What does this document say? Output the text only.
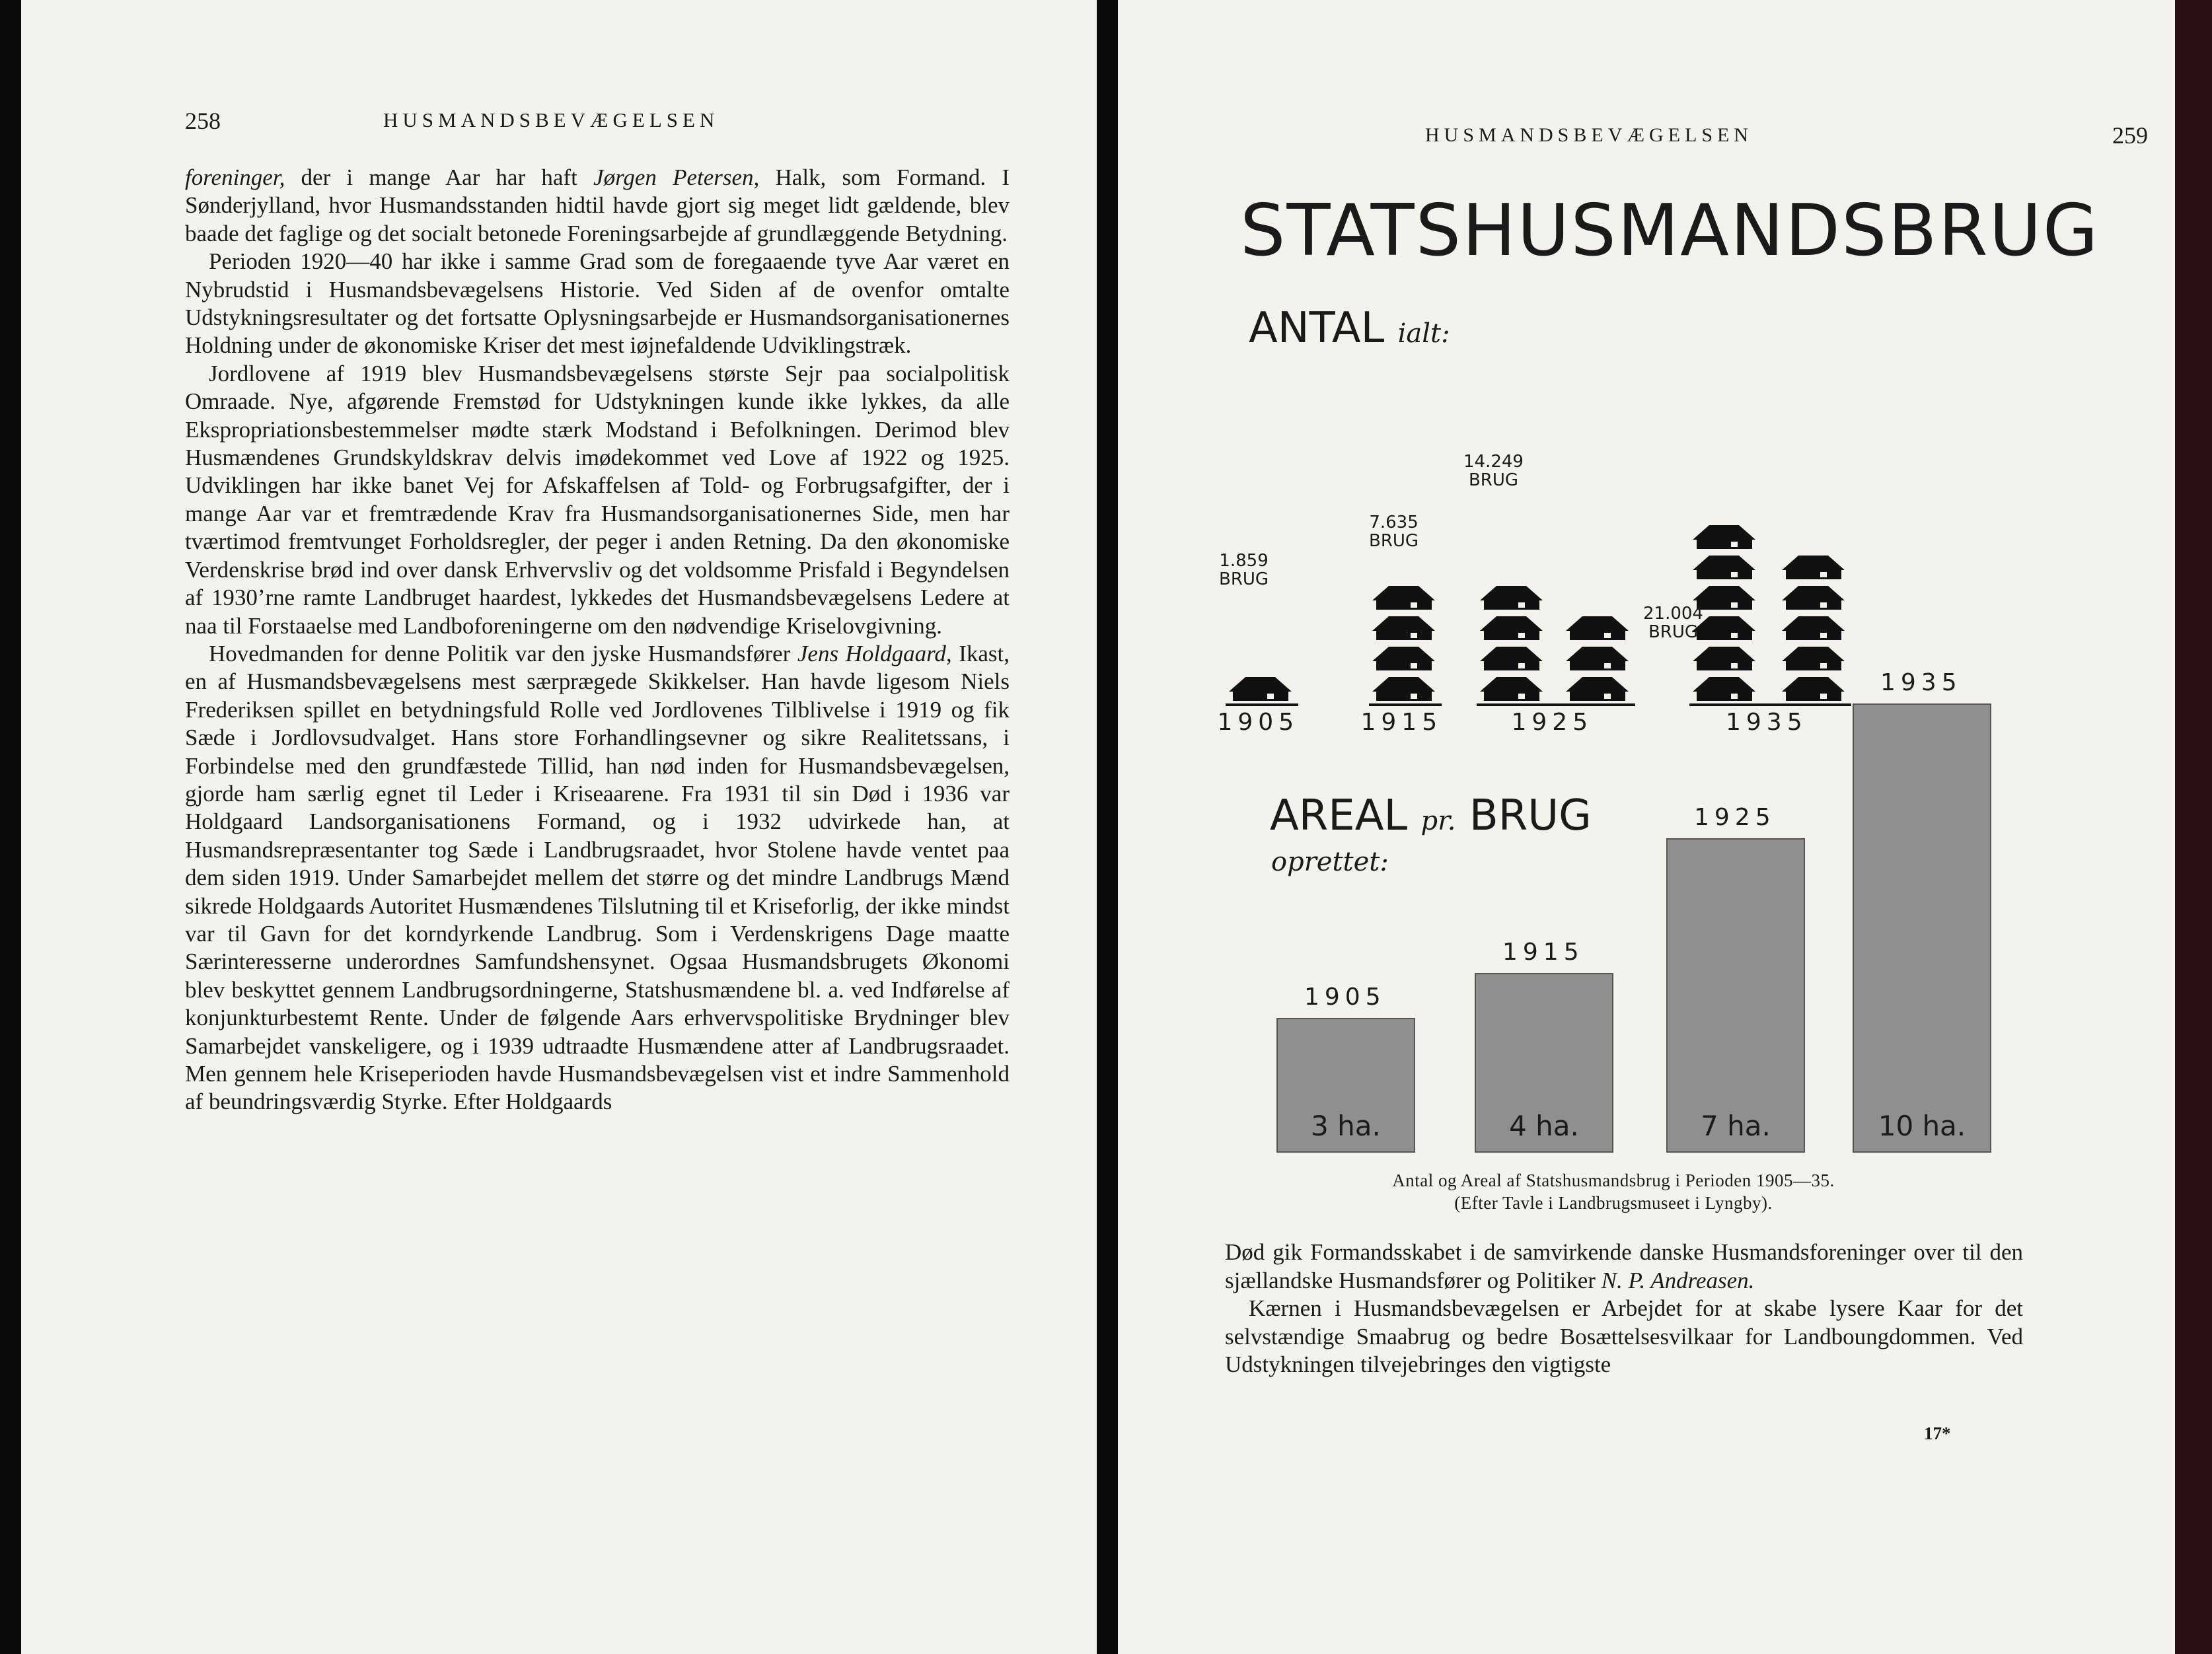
258	HUSMANDSBEVÆGELSEN

foreninger, der i mange Aar har haft Jørgen Petersen, Halk, som Formand. I Sønderjylland, hvor Husmandsstanden hidtil havde gjort sig meget lidt gældende, blev baade det faglige og det socialt betonede Foreningsarbejde af grundlæggende Betydning.

Perioden 1920—40 har ikke i samme Grad som de foregaaende tyve Aar været en Nybrudstid i Husmandsbevægelsens Historie. Ved Siden af de ovenfor omtalte Udstykningsresultater og det fortsatte Oplysningsarbejde er Husmandsorganisationernes Holdning under de økonomiske Kriser det mest iøjnefaldende Udviklingstræk.

Jordlovene af 1919 blev Husmandsbevægelsens største Sejr paa socialpolitisk Omraade. Nye, afgørende Fremstød for Udstykningen kunde ikke lykkes, da alle Ekspropriationsbestemmelser mødte stærk Modstand i Befolkningen. Derimod blev Husmændenes Grundskyldskrav delvis imødekommet ved Love af 1922 og 1925. Udviklingen har ikke banet Vej for Afskaffelsen af Told- og Forbrugsafgifter, der i mange Aar var et fremtrædende Krav fra Husmandsorganisationernes Side, men har tværtimod fremtvunget Forholdsregler, der peger i anden Retning. Da den økonomiske Verdenskrise brød ind over dansk Erhvervsliv og det voldsomme Prisfald i Begyndelsen af 1930’rne ramte Landbruget haardest, lykkedes det Husmandsbevægelsens Ledere at naa til Forstaaelse med Landboforeningerne om den nødvendige Kriselovgivning.

Hovedmanden for denne Politik var den jyske Husmandsfører Jens Holdgaard, Ikast, en af Husmandsbevægelsens mest særprægede Skikkelser. Han havde ligesom Niels Frederiksen spillet en betydningsfuld Rolle ved Jordlovenes Tilblivelse i 1919 og fik Sæde i Jordlovsudvalget. Hans store Forhandlingsevner og sikre Realitetssans, i Forbindelse med den grundfæstede Tillid, han nød inden for Husmandsbevægelsen, gjorde ham særlig egnet til Leder i Kriseaarene. Fra 1931 til sin Død i 1936 var Holdgaard Landsorganisationens Formand, og i 1932 udvirkede han, at Husmandsrepræsentanter tog Sæde i Landbrugsraadet, hvor Stolene havde ventet paa dem siden 1919. Under Samarbejdet mellem det større og det mindre Landbrugs Mænd sikrede Holdgaards Autoritet Husmændenes Tilslutning til et Kriseforlig, der ikke mindst var til Gavn for det korndyrkende Landbrug. Som i Verdenskrigens Dage maatte Særinteresserne underordnes Samfundshensynet. Ogsaa Husmandsbrugets Økonomi blev beskyttet gennem Landbrugsordningerne, Statshusmændene bl. a. ved Indførelse af konjunkturbestemt Rente. Under de følgende Aars erhvervspolitiske Brydninger blev Samarbejdet vanskeligere, og i 1939 udtraadte Husmændene atter af Landbrugsraadet. Men gennem hele Kriseperioden havde Husmandsbevægelsen vist et indre Sammenhold af beundringsværdig Styrke. Efter Holdgaards

HUSMANDSBEVÆGELSEN	259
STATSHUSMANDSBRUG
ANTAL ialt:
1.859
BRUG
1905
7.635
BRUG
1915
14.249
BRUG
1925
21.004
BRUG
1935
AREAL pr. BRUG
oprettet:
3 ha.
1905
4 ha.
1915
7 ha.
1925
10 ha.
1935
Antal og Areal af Statshusmandsbrug i Perioden 1905—35.
(Efter Tavle i Landbrugsmuseet i Lyngby).

Død gik Formandsskabet i de samvirkende danske Husmandsforeninger over til den sjællandske Husmandsfører og Politiker N. P. Andreasen.

Kærnen i Husmandsbevægelsen er Arbejdet for at skabe lysere Kaar for det selvstændige Smaabrug og bedre Bosættelsesvilkaar for Landboungdommen. Ved Udstykningen tilvejebringes den vigtigste

17*
